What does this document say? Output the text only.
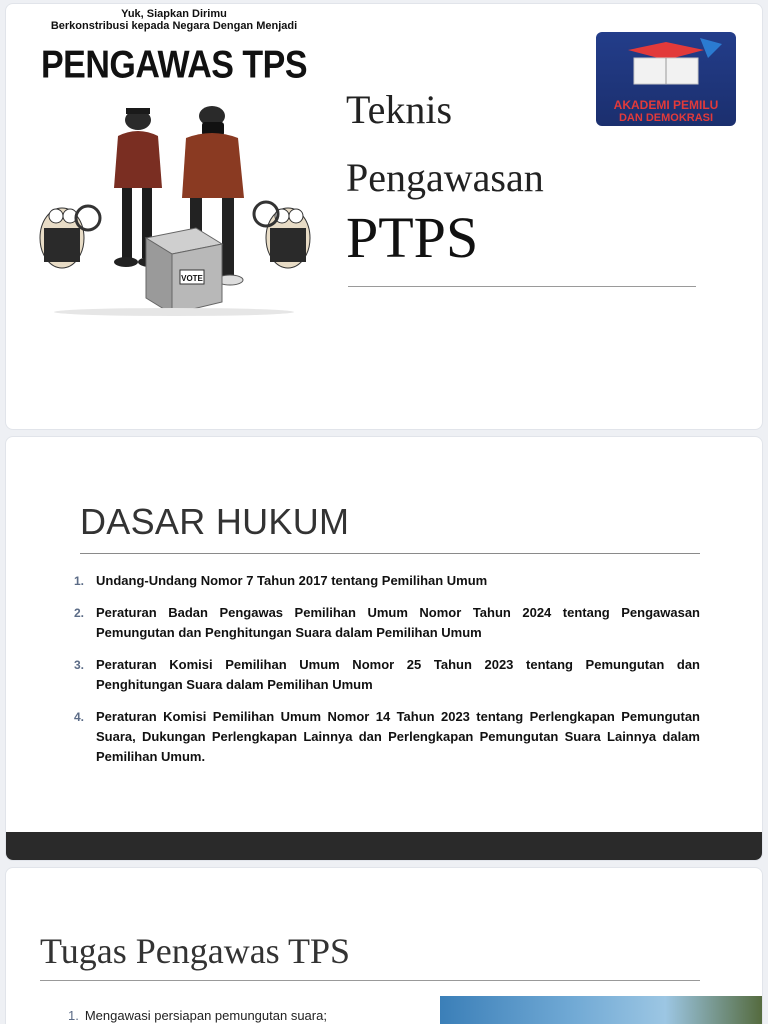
Yuk, Siapkan Dirimu
Berkonstribusi kepada Negara Dengan Menjadi
PENGAWAS TPS
VOTE
Teknis
Pengawasan
PTPS
AKADEMI PEMILU
DAN DEMOKRASI
DASAR HUKUM
1. Undang-Undang Nomor 7 Tahun 2017 tentang Pemilihan Umum
2. Peraturan Badan Pengawas Pemilihan Umum Nomor Tahun 2024 tentang Pengawasan Pemungutan dan Penghitungan Suara dalam Pemilihan Umum
3. Peraturan Komisi Pemilihan Umum Nomor 25 Tahun 2023 tentang Pemungutan dan Penghitungan Suara dalam Pemilihan Umum
4. Peraturan Komisi Pemilihan Umum Nomor 14 Tahun 2023 tentang Perlengkapan Pemungutan Suara, Dukungan Perlengkapan Lainnya dan Perlengkapan Pemungutan Suara Lainnya dalam Pemilihan Umum.
Tugas Pengawas TPS
1. Mengawasi persiapan pemungutan suara;
